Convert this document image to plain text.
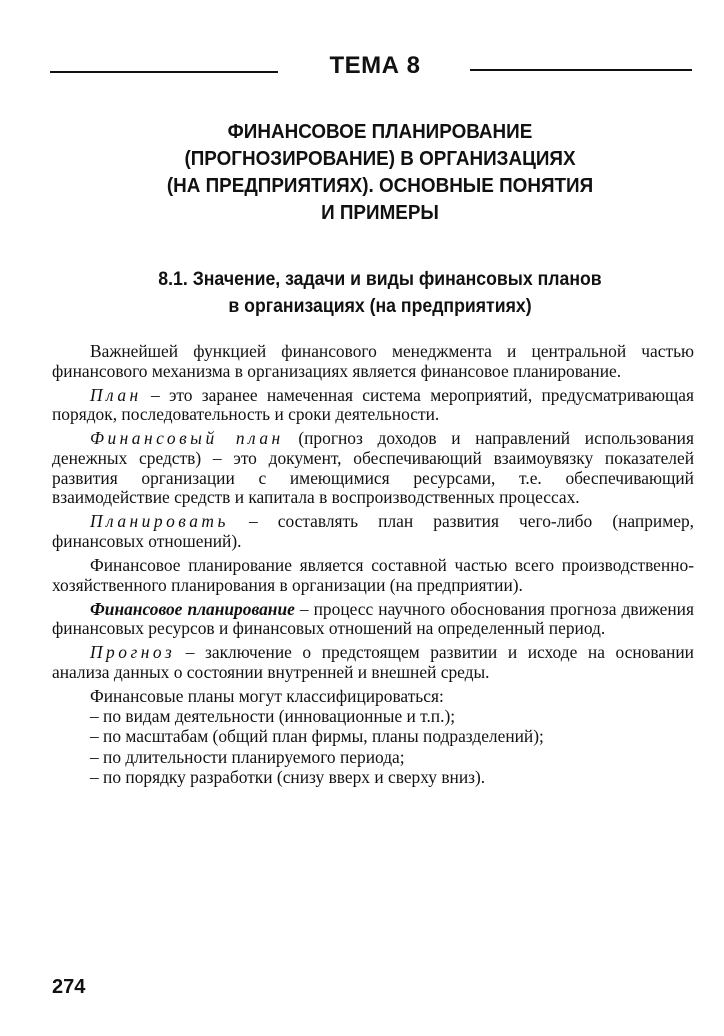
ТЕМА 8
ФИНАНСОВОЕ ПЛАНИРОВАНИЕ
(ПРОГНОЗИРОВАНИЕ) В ОРГАНИЗАЦИЯХ
(НА ПРЕДПРИЯТИЯХ). ОСНОВНЫЕ ПОНЯТИЯ
И ПРИМЕРЫ
8.1. Значение, задачи и виды финансовых планов
в организациях (на предприятиях)

Важнейшей функцией финансового менеджмента и центральной частью финансового механизма в организациях является финансовое планирование.

План – это заранее намеченная система мероприятий, предусматривающая порядок, последовательность и сроки деятельности.

Финансовый план (прогноз доходов и направлений использования денежных средств) – это документ, обеспечивающий взаимоувязку показателей развития организации с имеющимися ресурсами, т.е. обеспечивающий взаимодействие средств и капитала в воспроизводственных процессах.

Планировать – составлять план развития чего-либо (например, финансовых отношений).

Финансовое планирование является составной частью всего производственно-хозяйственного планирования в организации (на предприятии).

Финансовое планирование – процесс научного обоснования прогноза движения финансовых ресурсов и финансовых отношений на определенный период.

Прогноз – заключение о предстоящем развитии и исходе на основании анализа данных о состоянии внутренней и внешней среды.

Финансовые планы могут классифицироваться:

– по видам деятельности (инновационные и т.п.);
– по масштабам (общий план фирмы, планы подразделений);
– по длительности планируемого периода;
– по порядку разработки (снизу вверх и сверху вниз).
274
